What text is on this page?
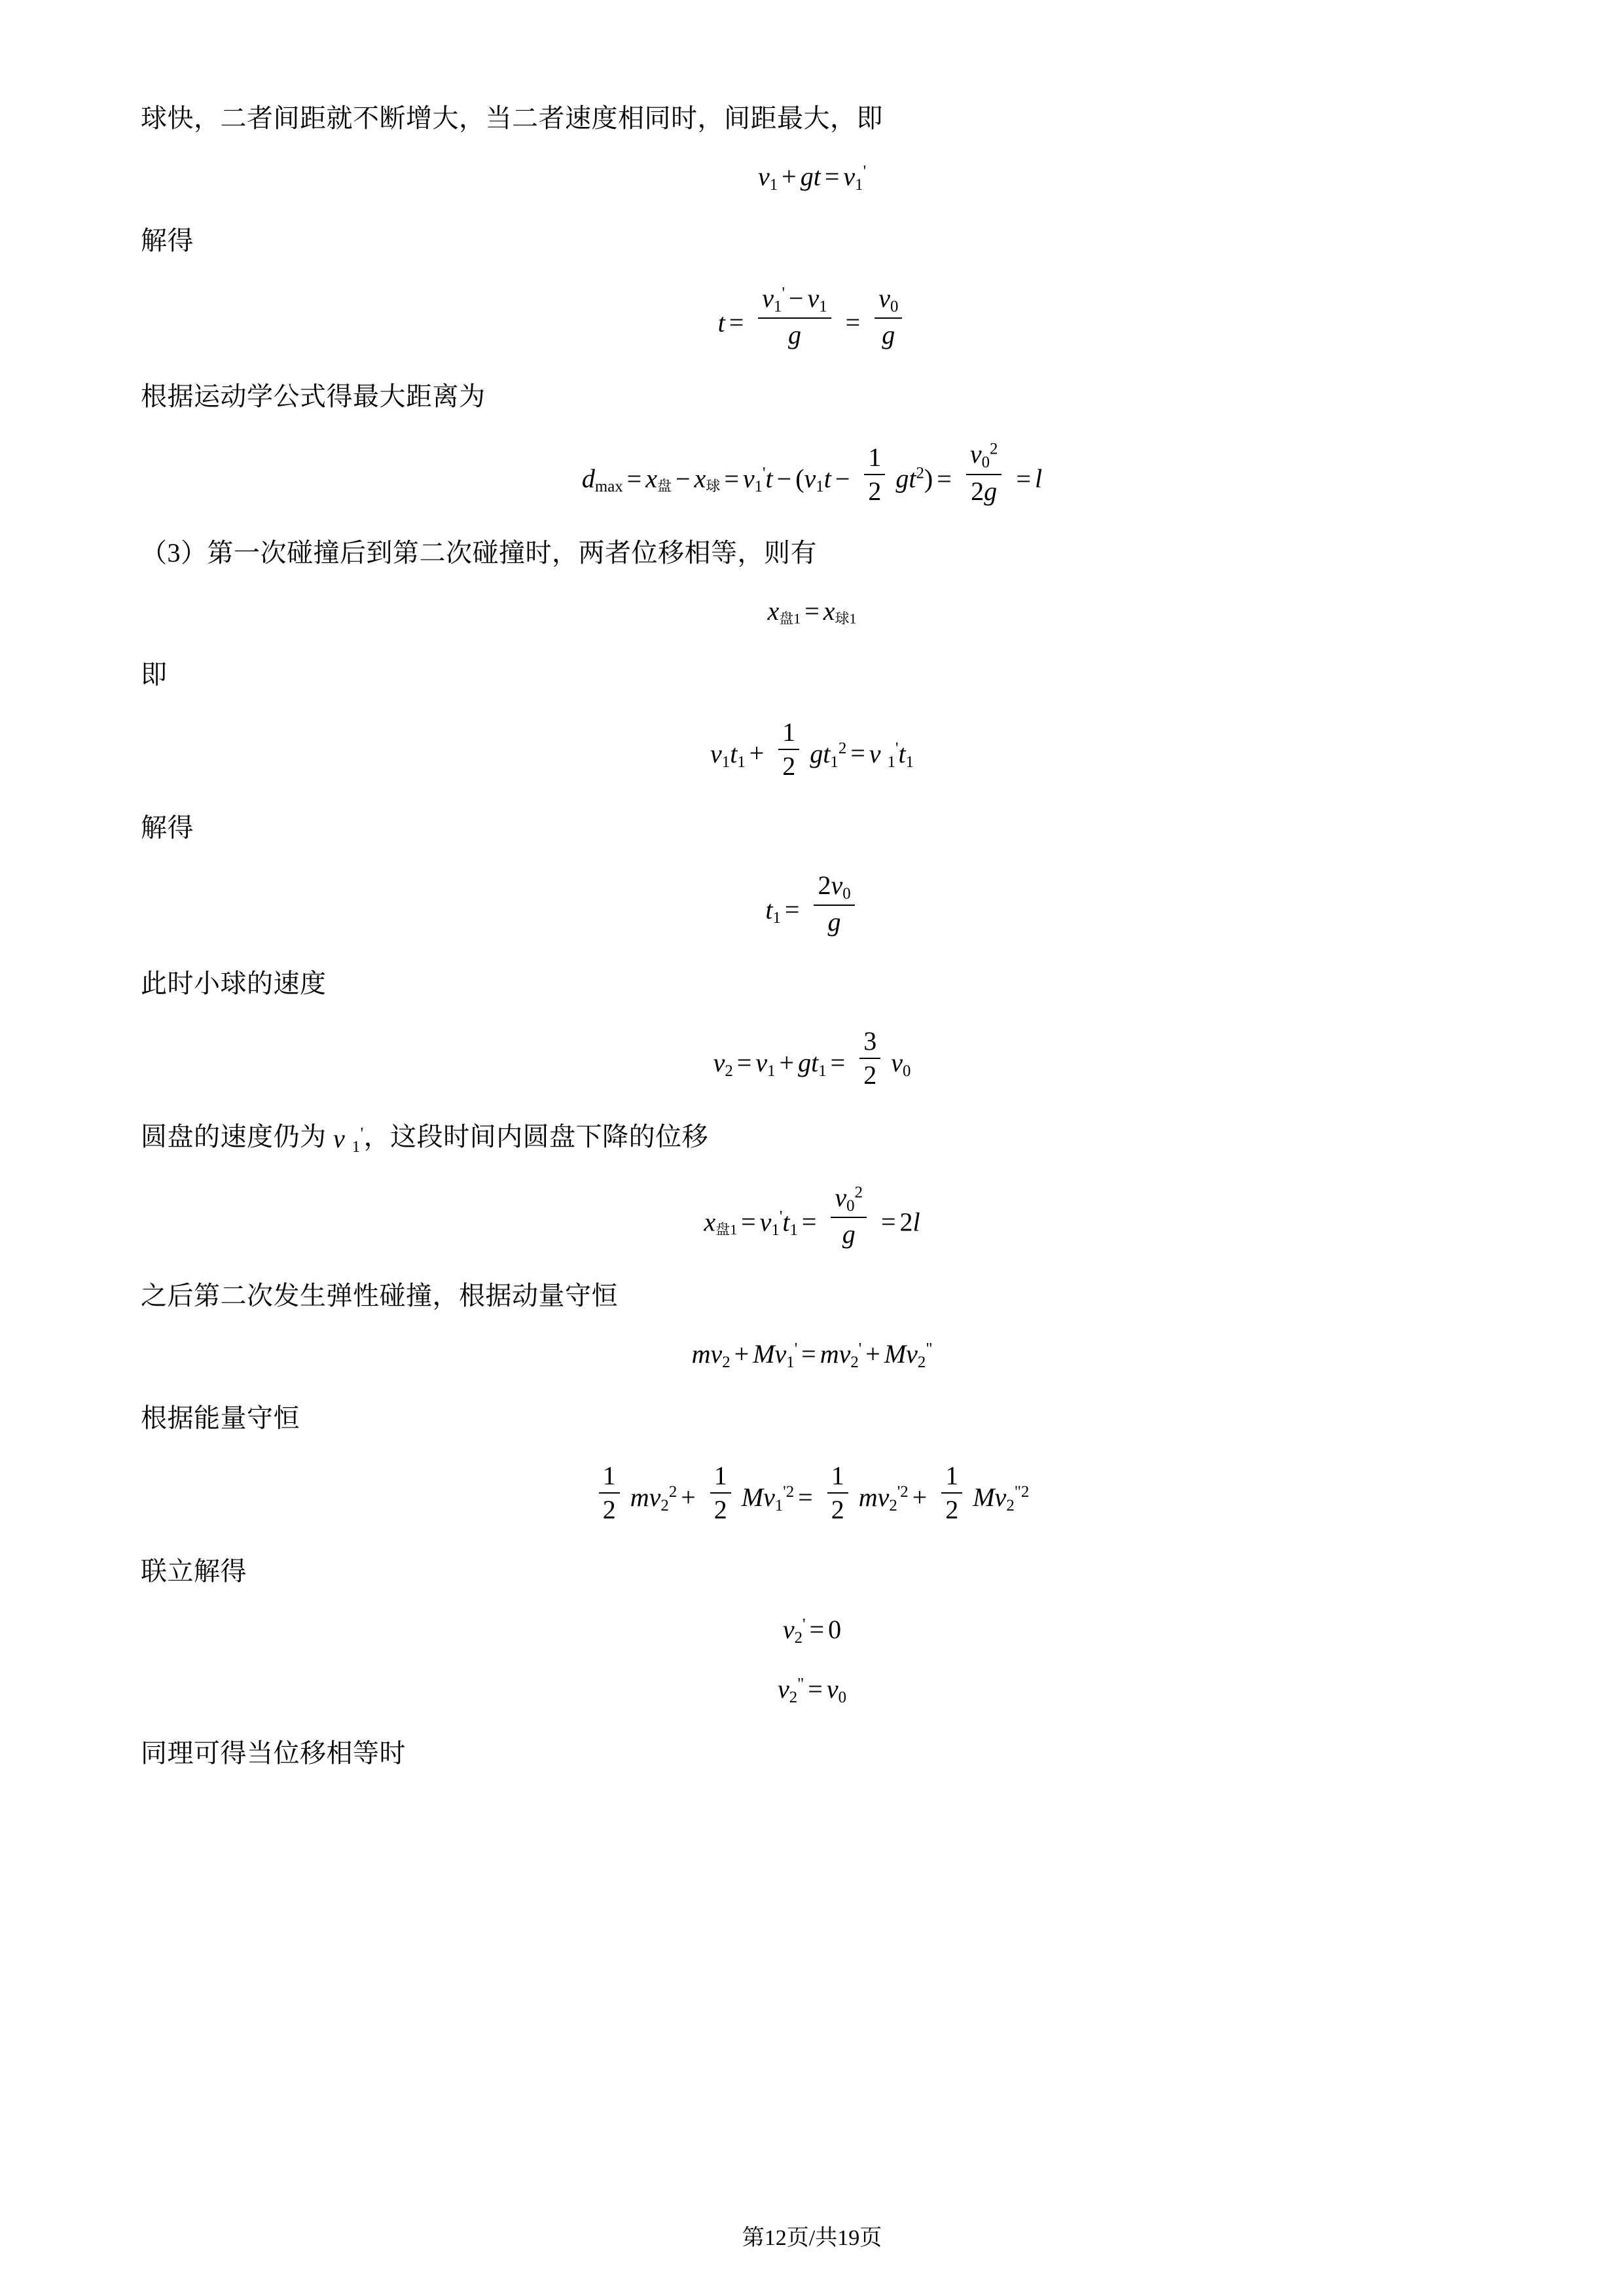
球快，二者间距就不断增大，当二者速度相同时，间距最大，即

$v_1$ + gt = $v_1'$

解得

$t = \frac{v_1' - v_1}{g} = \frac{v_0}{g}$

根据运动学公式得最大距离为

$d_{max} = x$盘 − x球 = $v_1't - (v_1t - \frac{1}{2} gt^2) = \frac{v_0^2}{2g} = l$

（3）第一次碰撞后到第二次碰撞时，两者位移相等，则有

x盘1 = x球1

即

$v_1t_1 + \frac{1}{2} gt_1^2 = v$ $_1't_1$

解得

$t_1 = \frac{2v_0}{g}$

此时小球的速度

$v_2 = v_1 + gt_1 = \frac{3}{2} v_0$

圆盘的速度仍为 v $_1$'，这段时间内圆盘下降的位移

x盘$1 = v_1't_1 = \frac{v_0^2}{g} = 2l$

之后第二次发生弹性碰撞，根据动量守恒

$mv_2 + Mv_1' = mv_2' + Mv_2^"$

根据能量守恒

$\frac{1}{2} mv_2^2 + \frac{1}{2} Mv_1^{'2} = \frac{1}{2} mv_2^{'2} + \frac{1}{2} Mv_2^{"2}$

联立解得

$v_2' = 0$
$v_2^" = v_0$

同理可得当位移相等时

第12页/共19页
